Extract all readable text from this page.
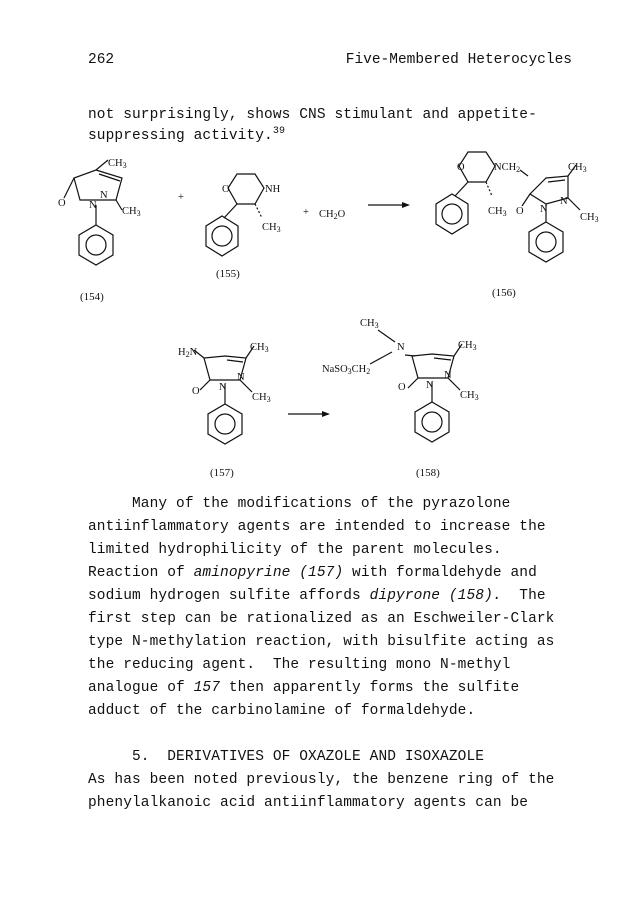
262	Five-Membered Heterocycles
not surprisingly, shows CNS stimulant and appetite-
suppressing activity.$^{39}$
CH3
O
N
N
CH3
(154)
+
O	NH
CH3
(155)
+ CH2O
O	NCH2	CH3
CH3 O
N
N
CH3
(156)
H2N	CH3
O
N
N
CH3
(157)
CH3
N
NaSO3CH2
CH3
O
N
N
CH3
(158)
Many of the modifications of the pyrazolone
antiinflammatory agents are intended to increase the
limited hydrophilicity of the parent molecules.
Reaction of aminopyrine (157) with formaldehyde and
sodium hydrogen sulfite affords dipyrone (158).  The
first step can be rationalized as an Eschweiler-Clark
type N-methylation reaction, with bisulfite acting as
the reducing agent.  The resulting mono N-methyl
analogue of 157 then apparently forms the sulfite
adduct of the carbinolamine of formaldehyde.
5.  DERIVATIVES OF OXAZOLE AND ISOXAZOLE
As has been noted previously, the benzene ring of the
phenylalkanoic acid antiinflammatory agents can be
